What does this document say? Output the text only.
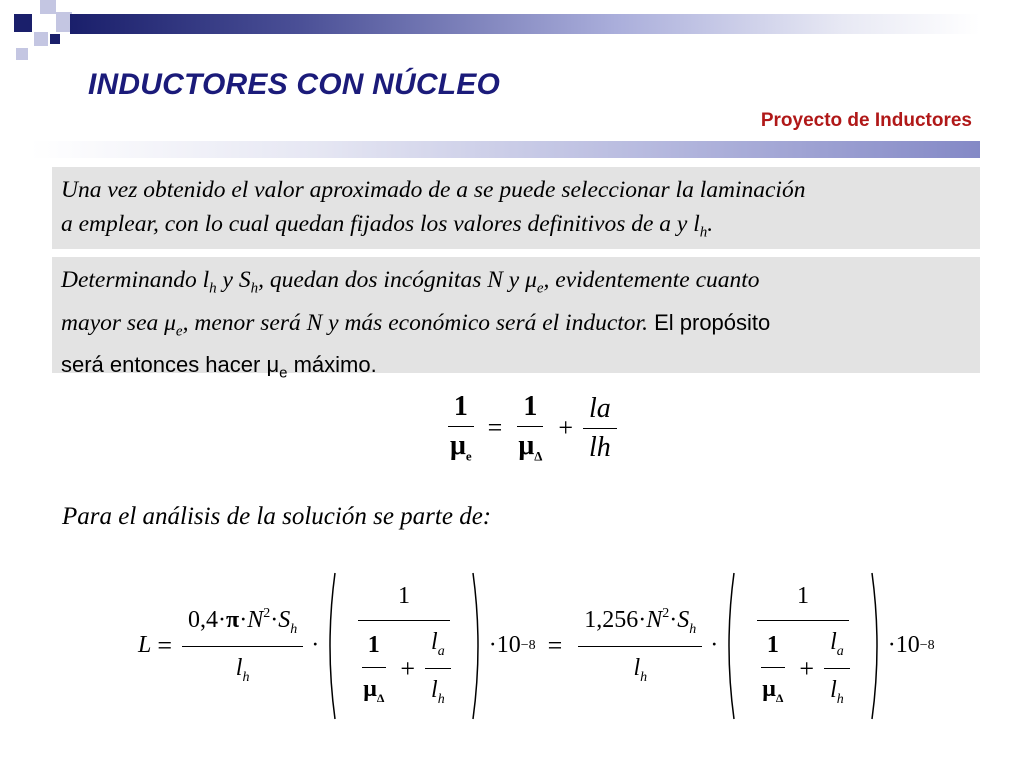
INDUCTORES CON NÚCLEO
Proyecto de Inductores
Una vez obtenido el valor aproximado de a se puede seleccionar la laminación
a emplear, con lo cual quedan fijados los valores definitivos de a y $l_h$.
Determinando $l_h$ y $S_h$, quedan dos incógnitas N y $\mu_e$, evidentemente cuanto
mayor sea $\mu_e$, menor será N y más económico será el inductor. El propósito
será entonces hacer $\mu_e$ máximo.
$\frac{1}{\mu_e} = \frac{1}{\mu_\Delta} + \frac{la}{lh}$
Para el análisis de la solución se parte de:
$L = \frac{0,4\cdot\pi\cdot N^2\cdot S_h}{l_h}$ ·
1
$\frac{1}{\mu_\Delta} + \frac{l_a}{l_h} \cdot 10 -8 = \frac{1,256\cdot N^2\cdot S_h}{l_h}$ ·
1
$\frac{1}{\mu_\Delta} + \frac{l_a}{l_h} \cdot 10 -8$
